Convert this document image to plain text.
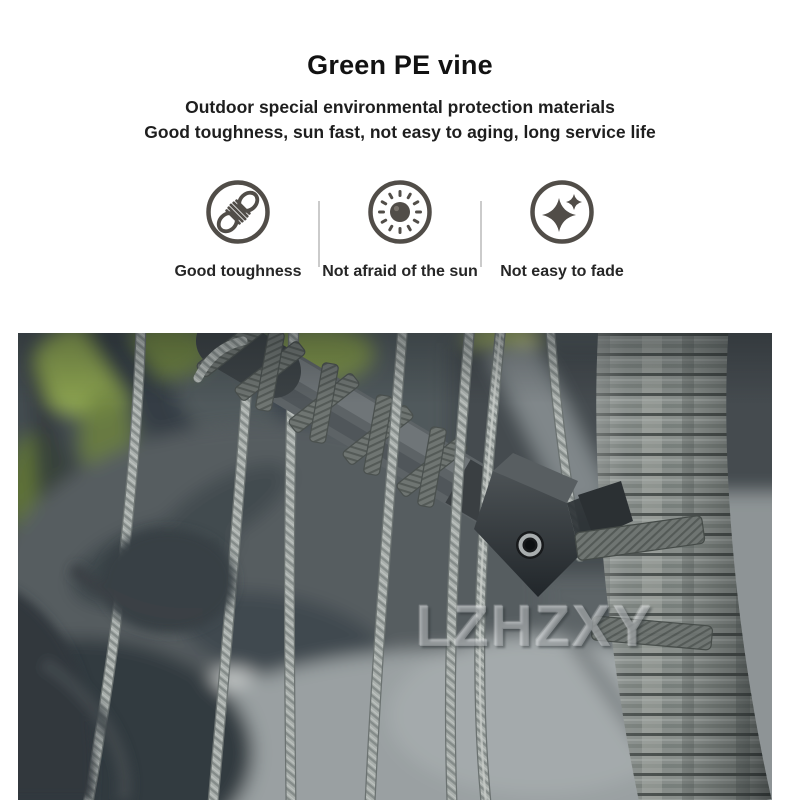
Green PE vine

Outdoor special environmental protection materials
Good toughness, sun fast, not easy to aging, long service life

Good toughness Not afraid of the sun Not easy to fade
LZHZXY
